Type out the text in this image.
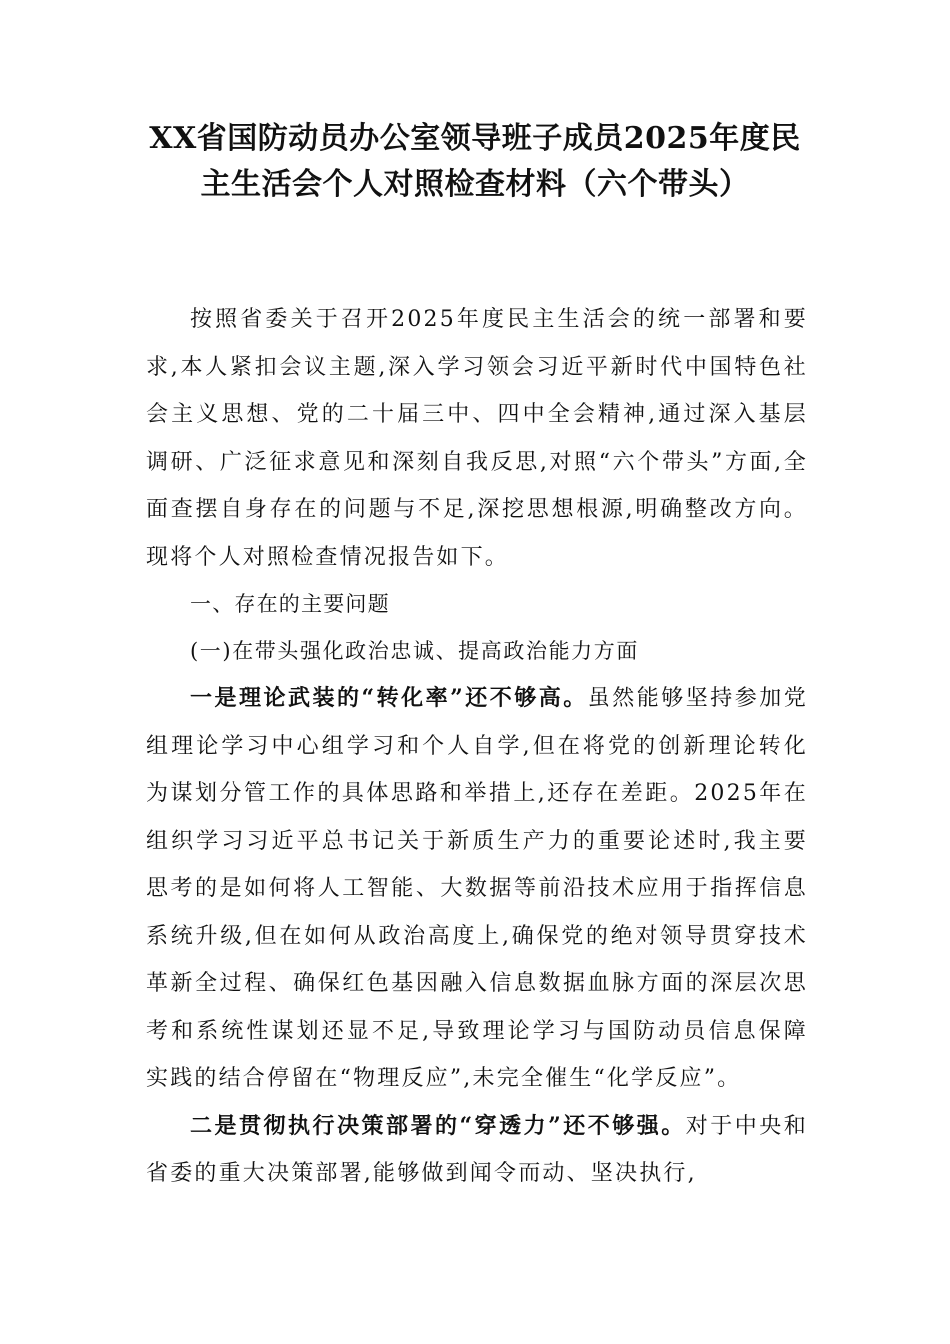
XX省国防动员办公室领导班子成员2025年度民主生活会个人对照检查材料（六个带头）

按照省委关于召开2025年度民主生活会的统一部署和要求,本人紧扣会议主题,深入学习领会习近平新时代中国特色社会主义思想、党的二十届三中、四中全会精神,通过深入基层调研、广泛征求意见和深刻自我反思,对照“六个带头”方面,全面查摆自身存在的问题与不足,深挖思想根源,明确整改方向。现将个人对照检查情况报告如下。

一、存在的主要问题

(一)在带头强化政治忠诚、提高政治能力方面

一是理论武装的“转化率”还不够高。虽然能够坚持参加党组理论学习中心组学习和个人自学,但在将党的创新理论转化为谋划分管工作的具体思路和举措上,还存在差距。2025年在组织学习习近平总书记关于新质生产力的重要论述时,我主要思考的是如何将人工智能、大数据等前沿技术应用于指挥信息系统升级,但在如何从政治高度上,确保党的绝对领导贯穿技术革新全过程、确保红色基因融入信息数据血脉方面的深层次思考和系统性谋划还显不足,导致理论学习与国防动员信息保障实践的结合停留在“物理反应”,未完全催生“化学反应”。

二是贯彻执行决策部署的“穿透力”还不够强。对于中央和省委的重大决策部署,能够做到闻令而动、坚决执行,
